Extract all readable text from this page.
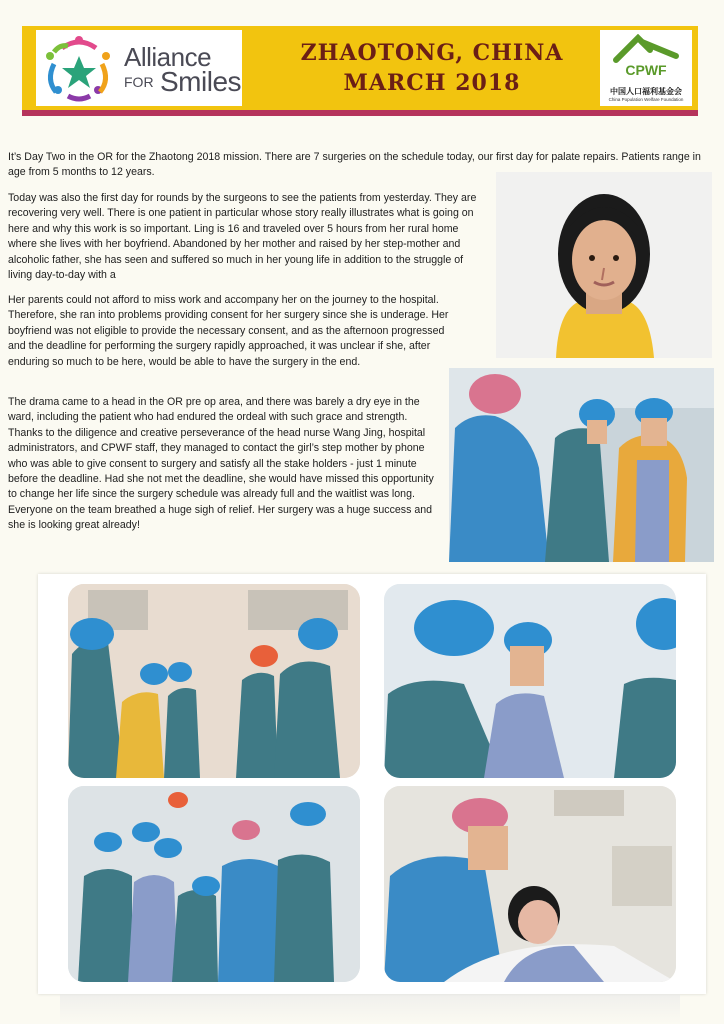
Alliance
FOR Smiles
ZHAOTONG, CHINA
MARCH 2018	CPWF
中国人口福利基金会
China Population Welfare Foundation

It’s Day Two in the OR for the Zhaotong 2018 mission. There are 7 surgeries on the schedule today, our first day for palate repairs. Patients range in age from 5 months to 12 years.

Today was also the first day for rounds by the surgeons to see the patients from yesterday. They are recovering very well. There is one patient in particular whose story really illustrates what is going on here and why this work is so important. Ling is 16 and traveled over 5 hours from her rural home where she lives with her boyfriend. Abandoned by her mother and raised by her step-mother and alcoholic father, she has seen and suffered so much in her young life in addition to the struggle of living day-to-day with a

Her parents could not afford to miss work and accompany her on the journey to the hospital. Therefore, she ran into problems providing consent for her surgery since she is underage. Her boyfriend was not eligible to provide the necessary consent, and as the afternoon progressed and the deadline for performing the surgery rapidly approached, it was unclear if she, after enduring so much to be here, would be able to have the surgery in the end.

The drama came to a head in the OR pre op area, and there was barely a dry eye in the ward, including the patient who had endured the ordeal with such grace and strength. Thanks to the diligence and creative perseverance of the head nurse Wang Jing, hospital administrators, and CPWF staff, they managed to contact the girl’s step mother by phone who was able to give consent to surgery and satisfy all the stake holders - just 1 minute before the deadline. Had she not met the deadline, she would have missed this opportunity to change her life since the surgery schedule was already full and the waitlist was long. Everyone on the team breathed a huge sigh of relief. Her surgery was a huge success and she is looking great already!
